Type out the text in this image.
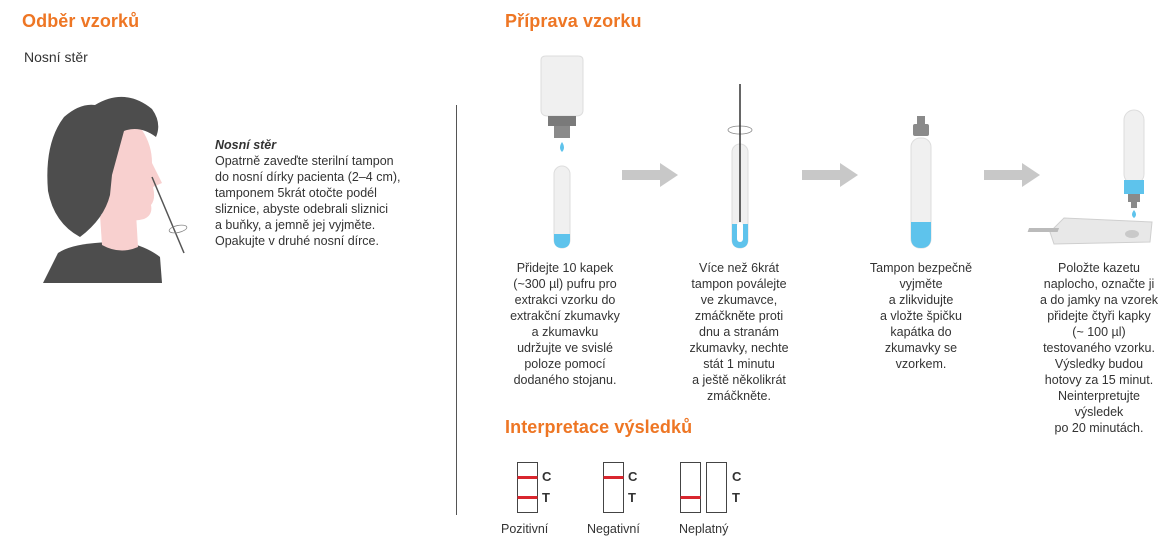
Odběr vzorků
Nosní stěr
Příprava vzorku
Interpretace výsledků
Nosní stěr
Opatrně zaveďte sterilní tampon
do nosní dírky pacienta (2–4 cm),
tamponem 5krát otočte podél
sliznice, abyste odebrali sliznici
a buňky, a jemně jej vyjměte.
Opakujte v druhé nosní dírce.
Přidejte 10 kapek
(~300 µl) pufru pro
extrakci vzorku do
extrakční zkumavky
a zkumavku
udržujte ve svislé
poloze pomocí
dodaného stojanu.
Více než 6krát
tampon poválejte
ve zkumavce,
zmáčkněte proti
dnu a stranám
zkumavky, nechte
stát 1 minutu
a ještě několikrát
zmáčkněte.
Tampon bezpečně
vyjměte
a zlikvidujte
a vložte špičku
kapátka do
zkumavky se
vzorkem.
Položte kazetu
naplocho, označte ji
a do jamky na vzorek
přidejte čtyři kapky
(~ 100 µl)
testovaného vzorku.
Výsledky budou
hotovy za 15 minut.
Neinterpretujte
výsledek
po 20 minutách.
C
T
C
T
C
T
Pozitivní	Negativní	Neplatný
